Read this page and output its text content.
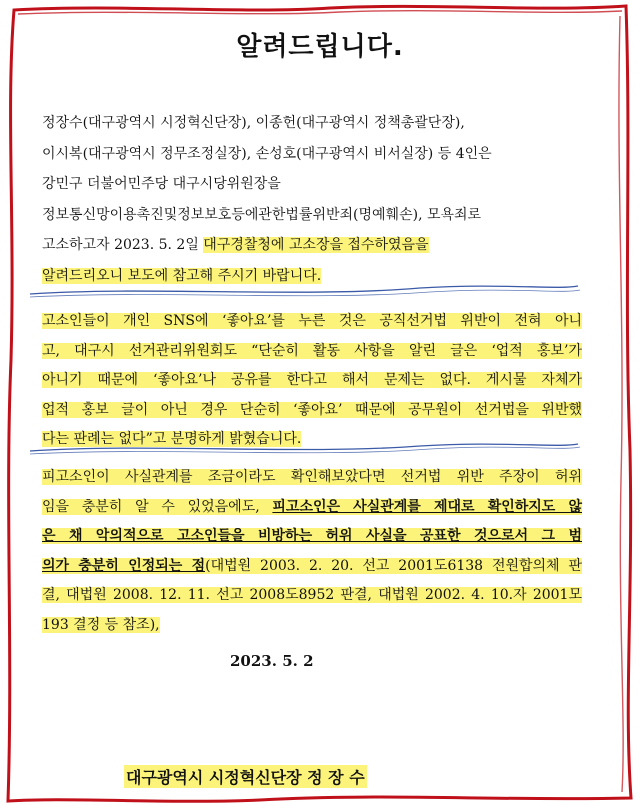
알려드립니다.
정장수(대구광역시 시정혁신단장), 이종헌(대구광역시 정책총괄단장),
이시복(대구광역시 정무조정실장), 손성호(대구광역시 비서실장) 등 4인은
강민구 더불어민주당 대구시당위원장을
정보통신망이용촉진및정보보호등에관한법률위반죄(명예훼손), 모욕죄로
고소하고자 2023. 5. 2일 대구경찰청에 고소장을 접수하였음을
알려드리오니 보도에 참고해 주시기 바랍니다.
고소인들이 개인 SNS에 ‘좋아요’를 누른 것은 공직선거법 위반이 전혀 아니
고, 대구시 선거관리위원회도 “단순히 활동 사항을 알린 글은 ‘업적 홍보’가
아니기 때문에 ‘좋아요’나 공유를 한다고 해서 문제는 없다. 게시물 자체가
업적 홍보 글이 아닌 경우 단순히 ‘좋아요’ 때문에 공무원이 선거법을 위반했
다는 판례는 없다”고 분명하게 밝혔습니다.
피고소인이 사실관계를 조금이라도 확인해보았다면 선거법 위반 주장이 허위
임을 충분히 알 수 있었음에도, 피고소인은 사실관계를 제대로 확인하지도 않
은 채 악의적으로 고소인들을 비방하는 허위 사실을 공표한 것으로서 그 범
의가 충분히 인정되는 점(대법원 2003. 2. 20. 선고 2001도6138 전원합의체 판
결, 대법원 2008. 12. 11. 선고 2008도8952 판결, 대법원 2002. 4. 10.자 2001모
193 결정 등 참조),
2023. 5. 2
대구광역시 시정혁신단장 정 장 수
